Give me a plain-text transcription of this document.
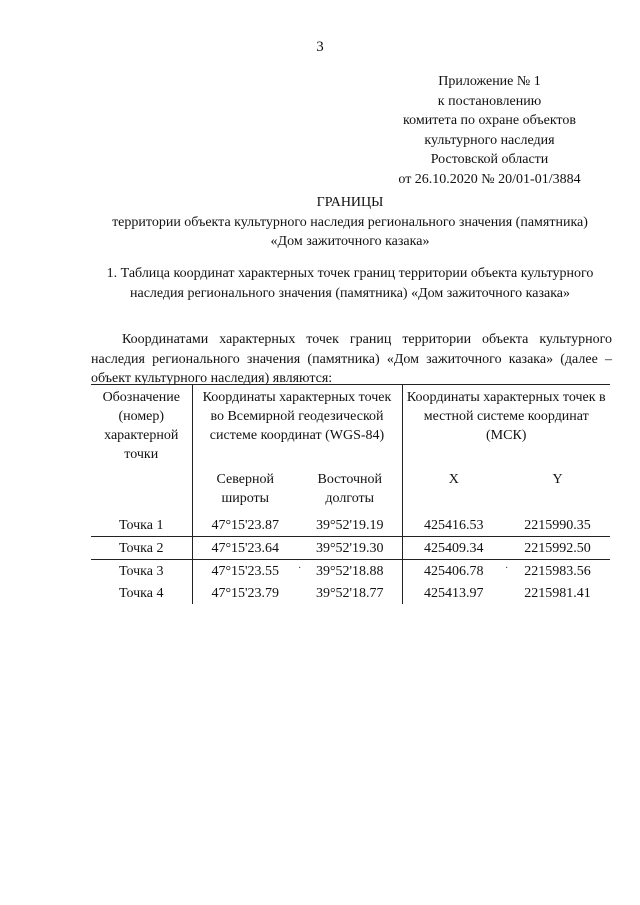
3
Приложение № 1
к постановлению
комитета по охране объектов
культурного наследия
Ростовской области
от 26.10.2020 № 20/01-01/3884
ГРАНИЦЫ
территории объекта культурного наследия регионального значения (памятника)
«Дом зажиточного казака»
1. Таблица координат характерных точек границ территории объекта культурного наследия регионального значения (памятника) «Дом зажиточного казака»
Координатами характерных точек границ территории объекта культурного наследия регионального значения (памятника) «Дом зажиточного казака» (далее – объект культурного наследия) являются:
Обозначение (номер) характерной точки	Координаты характерных точек во Всемирной геодезической системе координат (WGS-84)		Координаты характерных точек в местной системе координат (МСК)	
	Северной широты	Восточной долготы	X	Y
Точка 1	47°15'23.87	39°52'19.19	425416.53	2215990.35
Точка 2	47°15'23.64	39°52'19.30	425409.34	2215992.50
Точка 3	47°15'23.55	39°52'18.88	425406.78	2215983.56
Точка 4	47°15'23.79	39°52'18.77	425413.97	2215981.41
·	·
